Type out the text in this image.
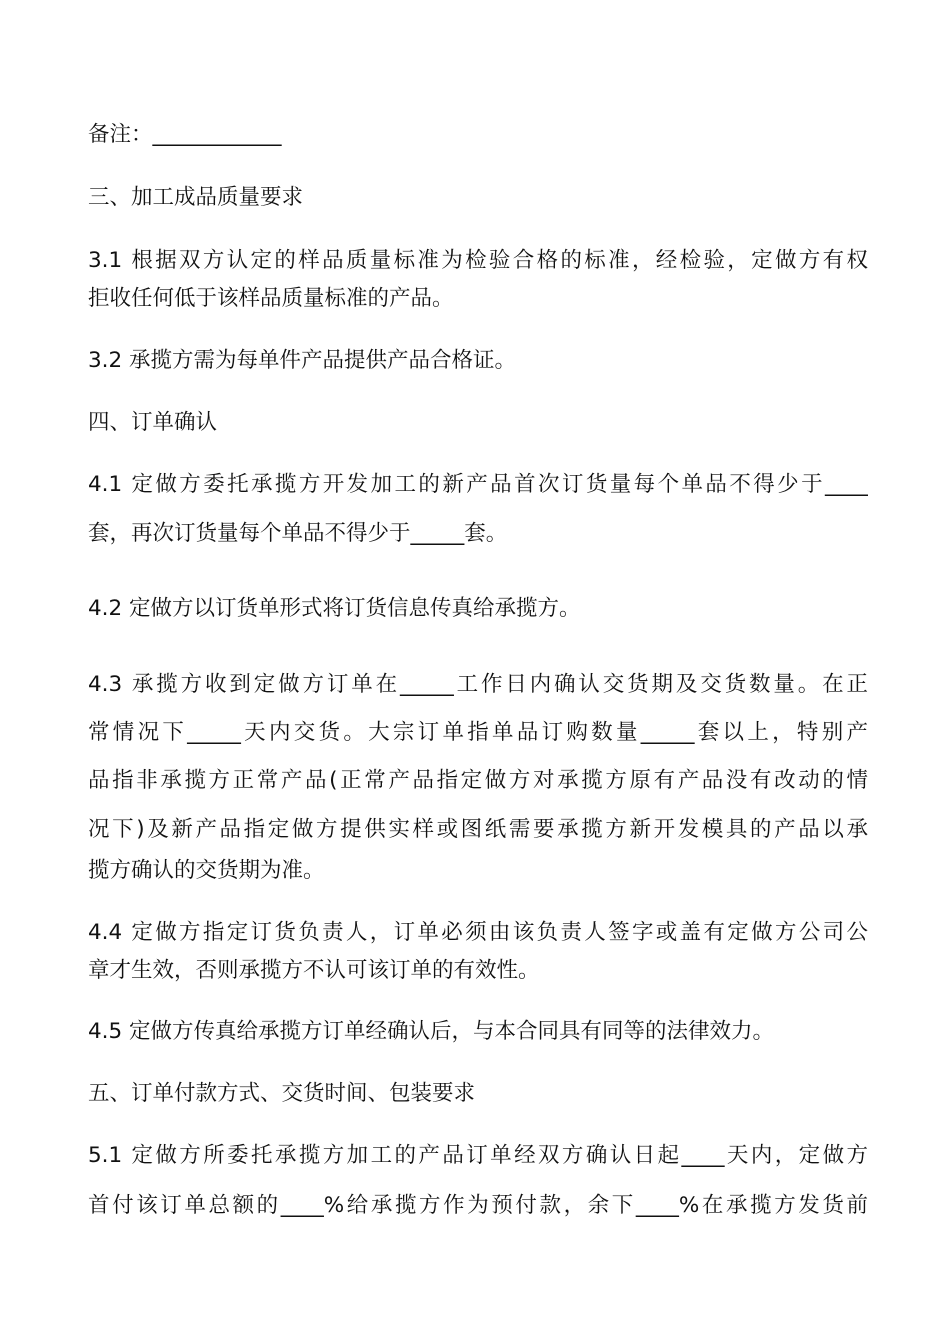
备注：____________
三、加工成品质量要求
3.1 根据双方认定的样品质量标准为检验合格的标准，经检验，定做方有权
拒收任何低于该样品质量标准的产品。
3.2 承揽方需为每单件产品提供产品合格证。
四、订单确认
4.1 定做方委托承揽方开发加工的新产品首次订货量每个单品不得少于____
套，再次订货量每个单品不得少于_____套。
4.2 定做方以订货单形式将订货信息传真给承揽方。
4.3 承揽方收到定做方订单在_____工作日内确认交货期及交货数量。在正
常情况下_____天内交货。大宗订单指单品订购数量_____套以上，特别产
品指非承揽方正常产品(正常产品指定做方对承揽方原有产品没有改动的情
况下)及新产品指定做方提供实样或图纸需要承揽方新开发模具的产品以承
揽方确认的交货期为准。
4.4 定做方指定订货负责人，订单必须由该负责人签字或盖有定做方公司公
章才生效，否则承揽方不认可该订单的有效性。
4.5 定做方传真给承揽方订单经确认后，与本合同具有同等的法律效力。
五、订单付款方式、交货时间、包装要求
5.1 定做方所委托承揽方加工的产品订单经双方确认日起____天内，定做方
首付该订单总额的____%给承揽方作为预付款，余下____%在承揽方发货前
